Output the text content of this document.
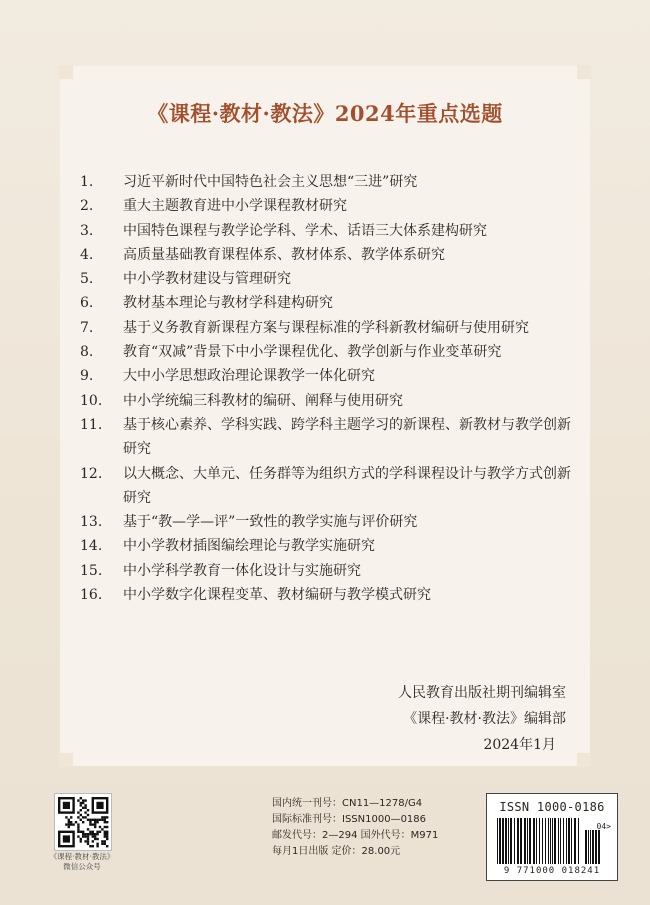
《课程·教材·教法》2024年重点选题
1.	习近平新时代中国特色社会主义思想“三进”研究
2.	重大主题教育进中小学课程教材研究
3.	中国特色课程与教学论学科、学术、话语三大体系建构研究
4.	高质量基础教育课程体系、教材体系、教学体系研究
5.	中小学教材建设与管理研究
6.	教材基本理论与教材学科建构研究
7.	基于义务教育新课程方案与课程标准的学科新教材编研与使用研究
8.	教育“双减”背景下中小学课程优化、教学创新与作业变革研究
9.	大中小学思想政治理论课教学一体化研究
10.	中小学统编三科教材的编研、阐释与使用研究
11.	基于核心素养、学科实践、跨学科主题学习的新课程、新教材与教学创新研究
12.	以大概念、大单元、任务群等为组织方式的学科课程设计与教学方式创新研究
13.	基于“教—学—评”一致性的教学实施与评价研究
14.	中小学教材插图编绘理论与教学实施研究
15.	中小学科学教育一体化设计与实施研究
16.	中小学数字化课程变革、教材编研与教学模式研究
人民教育出版社期刊编辑室
《课程·教材·教法》编辑部
2024年1月
《课程·教材·教法》
微信公众号
国内统一刊号：CN11—1278/G4
国际标准刊号：ISSN1000—0186
邮发代号：2—294 国外代号：M971
每月1日出版 定价：28.00元
ISSN 1000-0186
04>
9 771000 018241
